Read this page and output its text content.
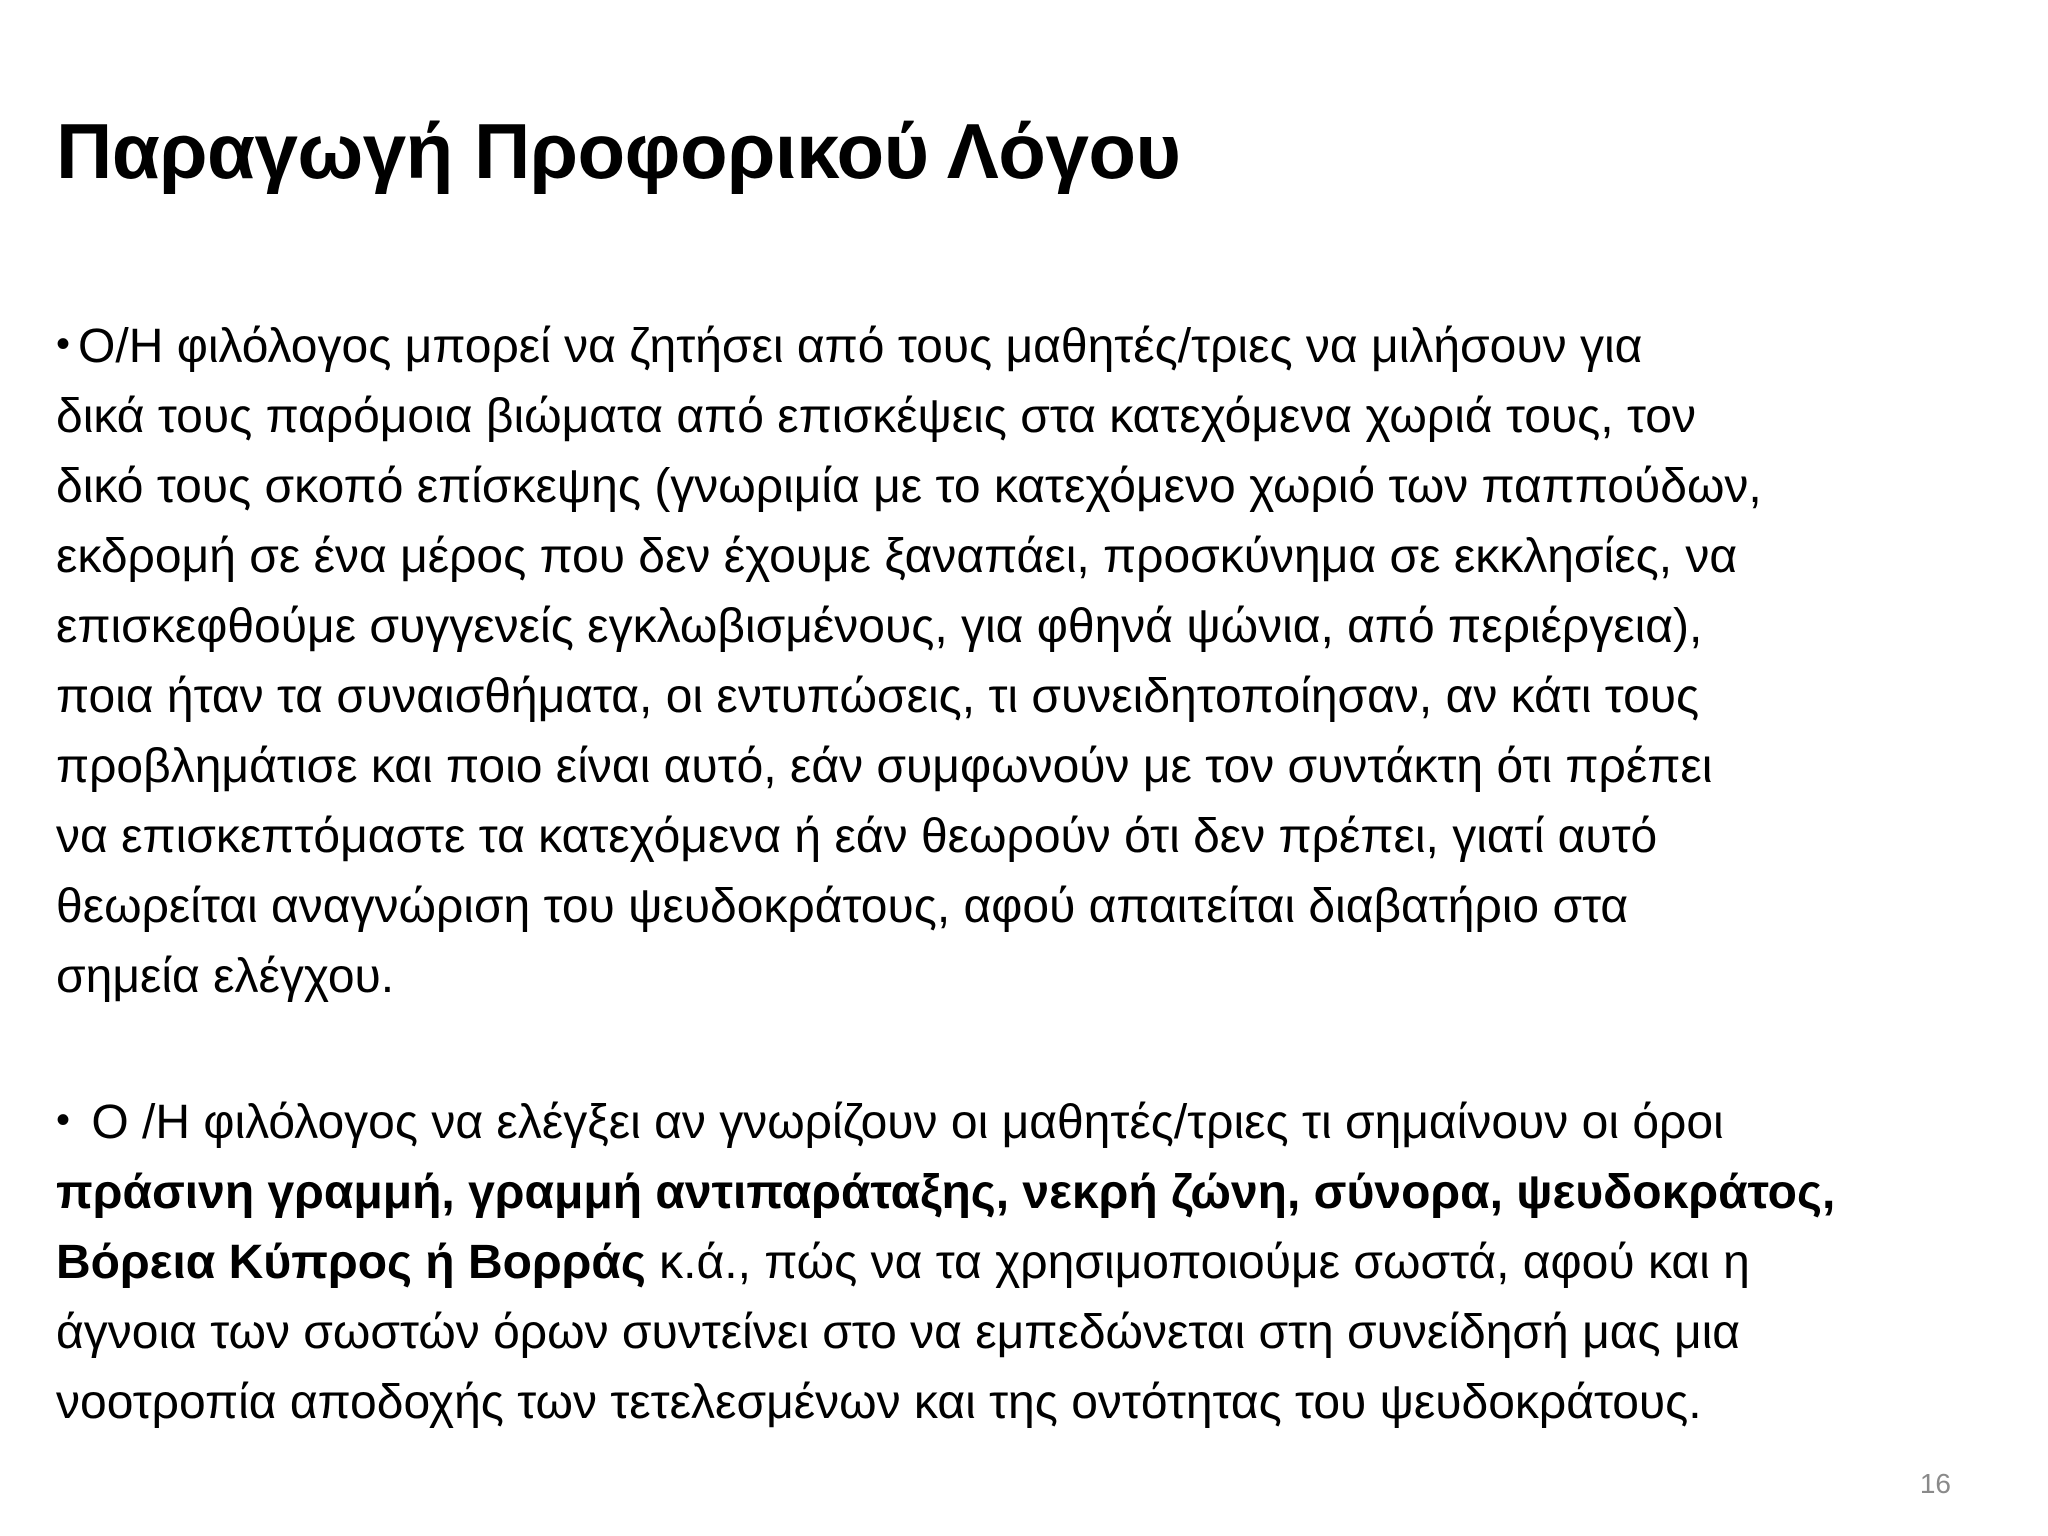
Παραγωγή Προφορικού Λόγου
• Ο/Η φιλόλογος μπορεί να ζητήσει από τους μαθητές/τριες να μιλήσουν για
δικά τους παρόμοια βιώματα από επισκέψεις στα κατεχόμενα χωριά τους, τον
δικό τους σκοπό επίσκεψης (γνωριμία με το κατεχόμενο χωριό των παππούδων,
εκδρομή σε ένα μέρος που δεν έχουμε ξαναπάει, προσκύνημα σε εκκλησίες, να
επισκεφθούμε συγγενείς εγκλωβισμένους, για φθηνά ψώνια, από περιέργεια),
ποια ήταν τα συναισθήματα, οι εντυπώσεις, τι συνειδητοποίησαν, αν κάτι τους
προβλημάτισε και ποιο είναι αυτό, εάν συμφωνούν με τον συντάκτη ότι πρέπει
να επισκεπτόμαστε τα κατεχόμενα ή εάν θεωρούν ότι δεν πρέπει, γιατί αυτό
θεωρείται αναγνώριση του ψευδοκράτους, αφού απαιτείται διαβατήριο στα
σημεία ελέγχου.
• Ο /Η φιλόλογος να ελέγξει αν γνωρίζουν οι μαθητές/τριες τι σημαίνουν οι όροι
πράσινη γραμμή, γραμμή αντιπαράταξης, νεκρή ζώνη, σύνορα, ψευδοκράτος,
Βόρεια Κύπρος ή Βορράς κ.ά., πώς να τα χρησιμοποιούμε σωστά, αφού και η
άγνοια των σωστών όρων συντείνει στο να εμπεδώνεται στη συνείδησή μας μια
νοοτροπία αποδοχής των τετελεσμένων και της οντότητας του ψευδοκράτους.
16
